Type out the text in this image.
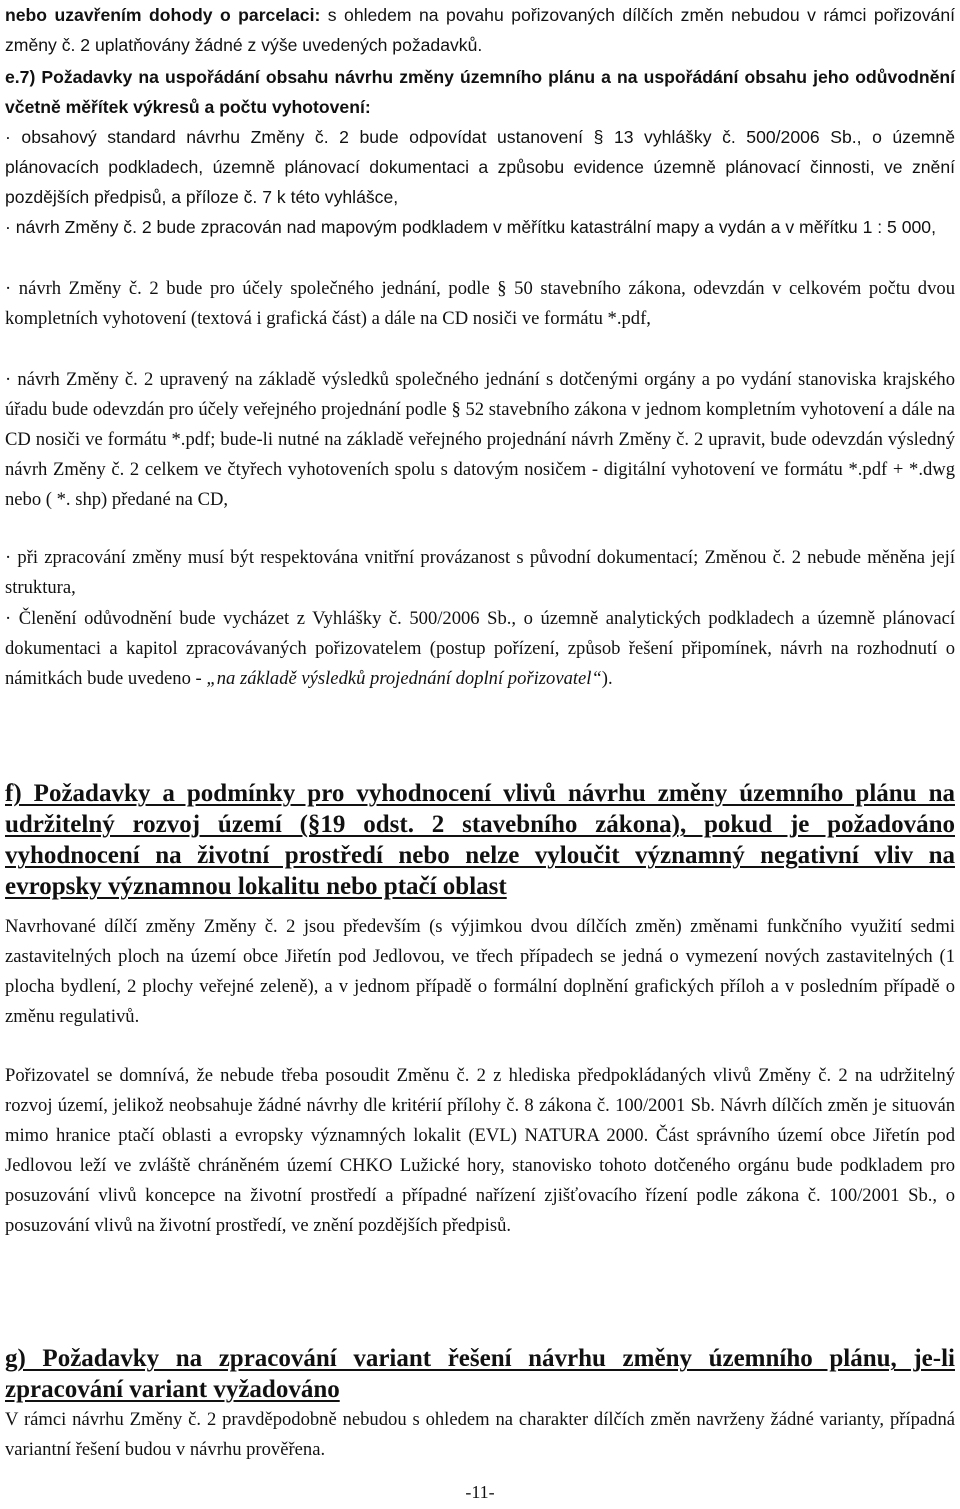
nebo uzavřením dohody o parcelaci: s ohledem na povahu pořizovaných dílčích změn nebudou v rámci pořizování změny č. 2 uplatňovány žádné z výše uvedených požadavků.

e.7) Požadavky na uspořádání obsahu návrhu změny územního plánu a na uspořádání obsahu jeho odůvodnění včetně měřítek výkresů a počtu vyhotovení:

· obsahový standard návrhu Změny č. 2 bude odpovídat ustanovení § 13 vyhlášky č. 500/2006 Sb., o územně plánovacích podkladech, územně plánovací dokumentaci a způsobu evidence územně plánovací činnosti, ve znění pozdějších předpisů, a příloze č. 7 k této vyhlášce,

· návrh Změny č. 2 bude zpracován nad mapovým podkladem v měřítku katastrální mapy a vydán a v měřítku 1 : 5 000,

· návrh Změny č. 2 bude pro účely společného jednání, podle § 50 stavebního zákona, odevzdán v celkovém počtu dvou kompletních vyhotovení (textová i grafická část) a dále na CD nosiči ve formátu *.pdf,

· návrh Změny č. 2 upravený na základě výsledků společného jednání s dotčenými orgány a po vydání stanoviska krajského úřadu bude odevzdán pro účely veřejného projednání podle § 52 stavebního zákona v jednom kompletním vyhotovení a dále na CD nosiči ve formátu *.pdf; bude-li nutné na základě veřejného projednání návrh Změny č. 2 upravit, bude odevzdán výsledný návrh Změny č. 2 celkem ve čtyřech vyhotoveních spolu s datovým nosičem - digitální vyhotovení ve formátu *.pdf + *.dwg nebo ( *. shp) předané na CD,

· při zpracování změny musí být respektována vnitřní provázanost s původní dokumentací; Změnou č. 2 nebude měněna její struktura,

· Členění odůvodnění bude vycházet z Vyhlášky č. 500/2006 Sb., o územně analytických podkladech a územně plánovací dokumentaci a kapitol zpracovávaných pořizovatelem (postup pořízení, způsob řešení připomínek, návrh na rozhodnutí o námitkách bude uvedeno - „na základě výsledků projednání doplní pořizovatel“).

f) Požadavky a podmínky pro vyhodnocení vlivů návrhu změny územního plánu na udržitelný rozvoj území (§19 odst. 2 stavebního zákona), pokud je požadováno vyhodnocení na životní prostředí nebo nelze vyloučit významný negativní vliv na evropsky významnou lokalitu nebo ptačí oblast

Navrhované dílčí změny Změny č. 2 jsou především (s výjimkou dvou dílčích změn) změnami funkčního využití sedmi zastavitelných ploch na území obce Jiřetín pod Jedlovou, ve třech případech se jedná o vymezení nových zastavitelných (1 plocha bydlení, 2 plochy veřejné zeleně), a v jednom případě o formální doplnění grafických příloh a v posledním případě o změnu regulativů.

Pořizovatel se domnívá, že nebude třeba posoudit Změnu č. 2 z hlediska předpokládaných vlivů Změny č. 2 na udržitelný rozvoj území, jelikož neobsahuje žádné návrhy dle kritérií přílohy č. 8 zákona č. 100/2001 Sb. Návrh dílčích změn je situován mimo hranice ptačí oblasti a evropsky významných lokalit (EVL) NATURA 2000. Část správního území obce Jiřetín pod Jedlovou leží ve zvláště chráněném území CHKO Lužické hory, stanovisko tohoto dotčeného orgánu bude podkladem pro posuzování vlivů koncepce na životní prostředí a případné nařízení zjišťovacího řízení podle zákona č. 100/2001 Sb., o posuzování vlivů na životní prostředí, ve znění pozdějších předpisů.

g) Požadavky na zpracování variant řešení návrhu změny územního plánu, je-li zpracování variant vyžadováno

V rámci návrhu Změny č. 2 pravděpodobně nebudou s ohledem na charakter dílčích změn navrženy žádné varianty, případná variantní řešení budou v návrhu prověřena.

-11-
